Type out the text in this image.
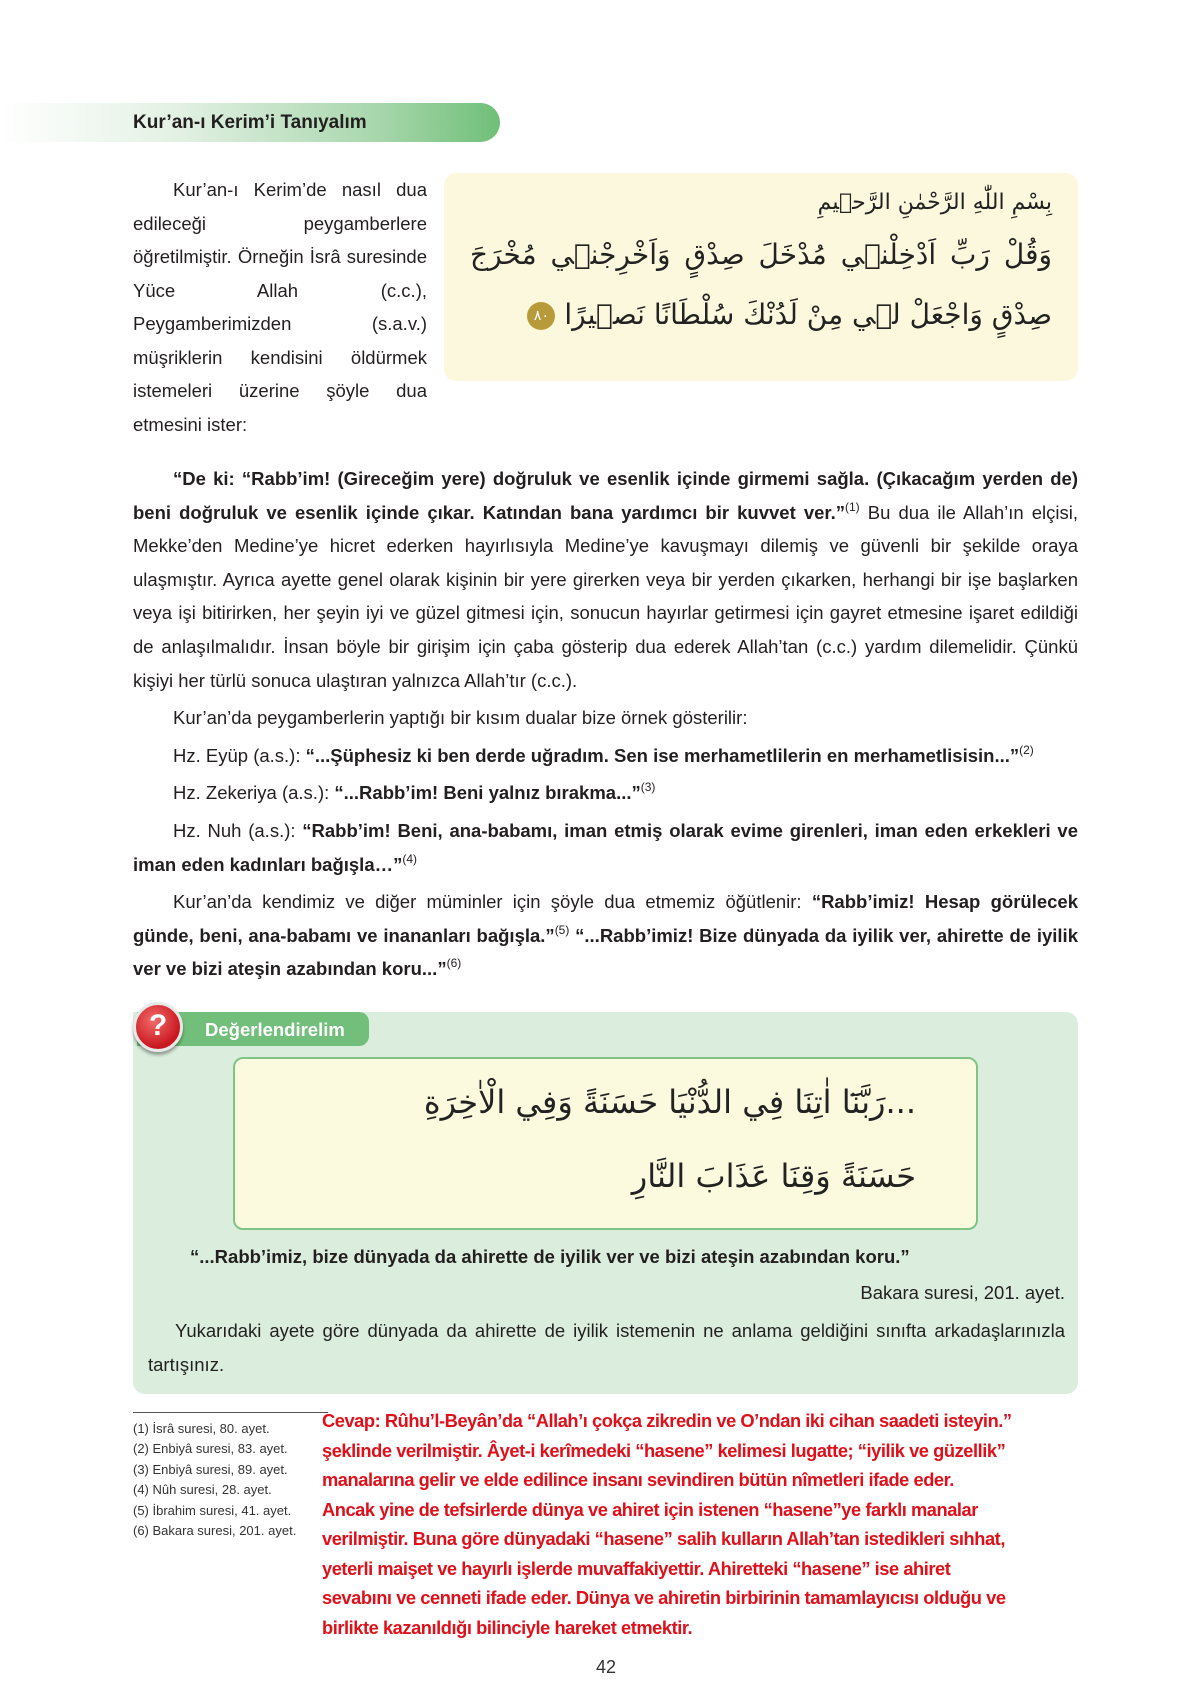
Kur’an-ı Kerim’i Tanıyalım
Kur’an-ı Kerim’de nasıl dua edileceği peygamberlere öğretilmiştir. Örneğin İsrâ suresinde Yüce Allah (c.c.), Peygamberimizden (s.a.v.) müşriklerin kendisini öldürmek istemeleri üzerine şöyle dua etmesini ister:
بِسْمِ اللّٰهِ الرَّحْمٰنِ الرَّح۪يمِ
وَقُلْ رَبِّ اَدْخِلْن۪ي مُدْخَلَ صِدْقٍ وَاَخْرِجْن۪ي مُخْرَجَ صِدْقٍ وَاجْعَلْ ل۪ي مِنْ لَدُنْكَ سُلْطَانًا نَص۪يرًا ٨٠

“De ki: “Rabb’im! (Gireceğim yere) doğruluk ve esenlik içinde girmemi sağla. (Çıkacağım yerden de) beni doğruluk ve esenlik içinde çıkar. Katından bana yardımcı bir kuvvet ver.”$^{(1)}$ Bu dua ile Allah’ın elçisi, Mekke’den Medine’ye hicret ederken hayırlısıyla Medine’ye kavuşmayı dilemiş ve güvenli bir şekilde oraya ulaşmıştır. Ayrıca ayette genel olarak kişinin bir yere girerken veya bir yerden çıkarken, herhangi bir işe başlarken veya işi bitirirken, her şeyin iyi ve güzel gitmesi için, sonucun hayırlar getirmesi için gayret etmesine işaret edildiği de anlaşılmalıdır. İnsan böyle bir girişim için çaba gösterip dua ederek Allah’tan (c.c.) yardım dilemelidir. Çünkü kişiyi her türlü sonuca ulaştıran yalnızca Allah’tır (c.c.).

Kur’an’da peygamberlerin yaptığı bir kısım dualar bize örnek gösterilir:

Hz. Eyüp (a.s.): “...Şüphesiz ki ben derde uğradım. Sen ise merhametlilerin en merhametlisisin...”$^{(2)}$

Hz. Zekeriya (a.s.): “...Rabb’im! Beni yalnız bırakma...”$^{(3)}$

Hz. Nuh (a.s.): “Rabb’im! Beni, ana-babamı, iman etmiş olarak evime girenleri, iman eden erkekleri ve iman eden kadınları bağışla…”$^{(4)}$

Kur’an’da kendimiz ve diğer müminler için şöyle dua etmemiz öğütlenir: “Rabb’imiz! Hesap görülecek günde, beni, ana-babamı ve inananları bağışla.”$^{(5)}$ “...Rabb’imiz! Bize dünyada da iyilik ver, ahirette de iyilik ver ve bizi ateşin azabından koru...”$^{(6)}$

Değerlendirelim
?
...رَبَّنَٓا اٰتِنَا فِي الدُّنْيَا حَسَنَةً وَفِي الْاٰخِرَةِ
حَسَنَةً وَقِنَا عَذَابَ النَّارِ
“...Rabb’imiz, bize dünyada da ahirette de iyilik ver ve bizi ateşin azabından koru.”
Bakara suresi, 201. ayet.
Yukarıdaki ayete göre dünyada da ahirette de iyilik istemenin ne anlama geldiğini sınıfta arkadaşlarınızla tartışınız.
(1) İsrâ suresi, 80. ayet.
(2) Enbiyâ suresi, 83. ayet.
(3) Enbiyâ suresi, 89. ayet.
(4) Nûh suresi, 28. ayet.
(5) İbrahim suresi, 41. ayet.
(6) Bakara suresi, 201. ayet.
Cevap: Rûhu’l-Beyân’da “Allah’ı çokça zikredin ve O’ndan iki cihan saadeti isteyin.”
şeklinde verilmiştir. Âyet-i kerîmedeki “hasene” kelimesi lugatte; “iyilik ve güzellik”
manalarına gelir ve elde edilince insanı sevindiren bütün nîmetleri ifade eder.
Ancak yine de tefsirlerde dünya ve ahiret için istenen “hasene”ye farklı manalar
verilmiştir. Buna göre dünyadaki “hasene” salih kulların Allah’tan istedikleri sıhhat,
yeterli maişet ve hayırlı işlerde muvaffakiyettir. Ahiretteki “hasene” ise ahiret
sevabını ve cenneti ifade eder. Dünya ve ahiretin birbirinin tamamlayıcısı olduğu ve
birlikte kazanıldığı bilinciyle hareket etmektir.
42
